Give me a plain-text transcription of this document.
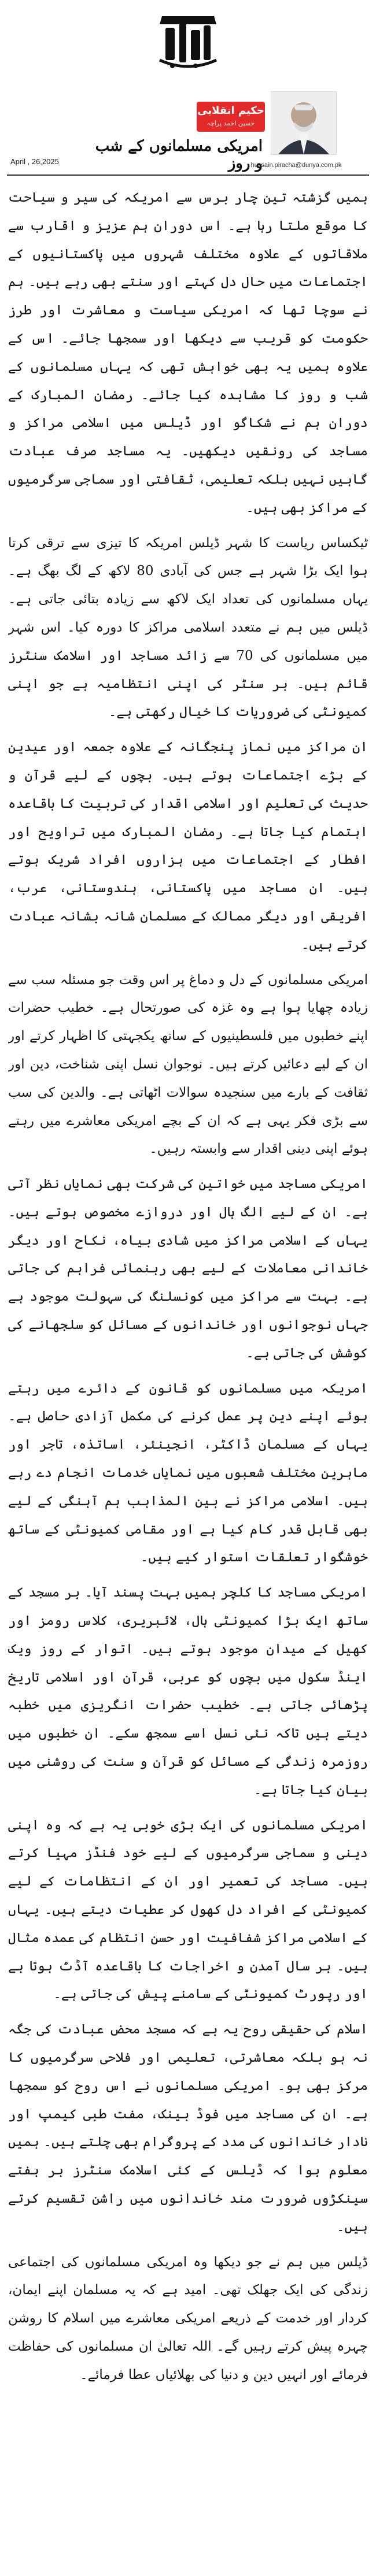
حکیم انقلابی
حسین احمد پراچہ
امریکی مسلمانوں کے شب و روز
hussain.piracha@dunya.com.pk
April , 26,2025

ہمیں گزشتہ تین چار برس سے امریکہ کی سیر و سیاحت کا موقع ملتا رہا ہے۔ اس دوران ہم عزیز و اقارب سے ملاقاتوں کے علاوہ مختلف شہروں میں پاکستانیوں کے اجتماعات میں حال دل کہتے اور سنتے بھی رہے ہیں۔ ہم نے سوچا تھا کہ امریکی سیاست و معاشرت اور طرز حکومت کو قریب سے دیکھا اور سمجھا جائے۔ اس کے علاوہ ہمیں یہ بھی خواہش تھی کہ یہاں مسلمانوں کے شب و روز کا مشاہدہ کیا جائے۔ رمضان المبارک کے دوران ہم نے شکاگو اور ڈیلس میں اسلامی مراکز و مساجد کی رونقیں دیکھیں۔ یہ مساجد صرف عبادت گاہیں نہیں بلکہ تعلیمی، ثقافتی اور سماجی سرگرمیوں کے مراکز بھی ہیں۔

ٹیکساس ریاست کا شہر ڈیلس امریکہ کا تیزی سے ترقی کرتا ہوا ایک بڑا شہر ہے جس کی آبادی 80 لاکھ کے لگ بھگ ہے۔ یہاں مسلمانوں کی تعداد ایک لاکھ سے زیادہ بتائی جاتی ہے۔ ڈیلس میں ہم نے متعدد اسلامی مراکز کا دورہ کیا۔ اس شہر میں مسلمانوں کی 70 سے زائد مساجد اور اسلامک سنٹرز قائم ہیں۔ ہر سنٹر کی اپنی انتظامیہ ہے جو اپنی کمیونٹی کی ضروریات کا خیال رکھتی ہے۔

ان مراکز میں نماز پنجگانہ کے علاوہ جمعہ اور عیدین کے بڑے اجتماعات ہوتے ہیں۔ بچوں کے لیے قرآن و حدیث کی تعلیم اور اسلامی اقدار کی تربیت کا باقاعدہ اہتمام کیا جاتا ہے۔ رمضان المبارک میں تراویح اور افطار کے اجتماعات میں ہزاروں افراد شریک ہوتے ہیں۔ ان مساجد میں پاکستانی، ہندوستانی، عرب، افریقی اور دیگر ممالک کے مسلمان شانہ بشانہ عبادت کرتے ہیں۔

امریکی مسلمانوں کے دل و دماغ پر اس وقت جو مسئلہ سب سے زیادہ چھایا ہوا ہے وہ غزہ کی صورتحال ہے۔ خطیب حضرات اپنے خطبوں میں فلسطینیوں کے ساتھ یکجہتی کا اظہار کرتے اور ان کے لیے دعائیں کرتے ہیں۔ نوجوان نسل اپنی شناخت، دین اور ثقافت کے بارے میں سنجیدہ سوالات اٹھاتی ہے۔ والدین کی سب سے بڑی فکر یہی ہے کہ ان کے بچے امریکی معاشرے میں رہتے ہوئے اپنی دینی اقدار سے وابستہ رہیں۔

امریکی مساجد میں خواتین کی شرکت بھی نمایاں نظر آتی ہے۔ ان کے لیے الگ ہال اور دروازے مخصوص ہوتے ہیں۔ یہاں کے اسلامی مراکز میں شادی بیاہ، نکاح اور دیگر خاندانی معاملات کے لیے بھی رہنمائی فراہم کی جاتی ہے۔ بہت سے مراکز میں کونسلنگ کی سہولت موجود ہے جہاں نوجوانوں اور خاندانوں کے مسائل کو سلجھانے کی کوشش کی جاتی ہے۔

امریکہ میں مسلمانوں کو قانون کے دائرے میں رہتے ہوئے اپنے دین پر عمل کرنے کی مکمل آزادی حاصل ہے۔ یہاں کے مسلمان ڈاکٹر، انجینئر، اساتذہ، تاجر اور ماہرین مختلف شعبوں میں نمایاں خدمات انجام دے رہے ہیں۔ اسلامی مراکز نے بین المذاہب ہم آہنگی کے لیے بھی قابل قدر کام کیا ہے اور مقامی کمیونٹی کے ساتھ خوشگوار تعلقات استوار کیے ہیں۔

امریکی مساجد کا کلچر ہمیں بہت پسند آیا۔ ہر مسجد کے ساتھ ایک بڑا کمیونٹی ہال، لائبریری، کلاس رومز اور کھیل کے میدان موجود ہوتے ہیں۔ اتوار کے روز ویک اینڈ سکول میں بچوں کو عربی، قرآن اور اسلامی تاریخ پڑھائی جاتی ہے۔ خطیب حضرات انگریزی میں خطبہ دیتے ہیں تاکہ نئی نسل اسے سمجھ سکے۔ ان خطبوں میں روزمرہ زندگی کے مسائل کو قرآن و سنت کی روشنی میں بیان کیا جاتا ہے۔

امریکی مسلمانوں کی ایک بڑی خوبی یہ ہے کہ وہ اپنی دینی و سماجی سرگرمیوں کے لیے خود فنڈز مہیا کرتے ہیں۔ مساجد کی تعمیر اور ان کے انتظامات کے لیے کمیونٹی کے افراد دل کھول کر عطیات دیتے ہیں۔ یہاں کے اسلامی مراکز شفافیت اور حسن انتظام کی عمدہ مثال ہیں۔ ہر سال آمدن و اخراجات کا باقاعدہ آڈٹ ہوتا ہے اور رپورٹ کمیونٹی کے سامنے پیش کی جاتی ہے۔

اسلام کی حقیقی روح یہ ہے کہ مسجد محض عبادت کی جگہ نہ ہو بلکہ معاشرتی، تعلیمی اور فلاحی سرگرمیوں کا مرکز بھی ہو۔ امریکی مسلمانوں نے اس روح کو سمجھا ہے۔ ان کی مساجد میں فوڈ بینک، مفت طبی کیمپ اور نادار خاندانوں کی مدد کے پروگرام بھی چلتے ہیں۔ ہمیں معلوم ہوا کہ ڈیلس کے کئی اسلامک سنٹرز ہر ہفتے سینکڑوں ضرورت مند خاندانوں میں راشن تقسیم کرتے ہیں۔

ڈیلس میں ہم نے جو دیکھا وہ امریکی مسلمانوں کی اجتماعی زندگی کی ایک جھلک تھی۔ امید ہے کہ یہ مسلمان اپنے ایمان، کردار اور خدمت کے ذریعے امریکی معاشرے میں اسلام کا روشن چہرہ پیش کرتے رہیں گے۔ اللہ تعالیٰ ان مسلمانوں کی حفاظت فرمائے اور انہیں دین و دنیا کی بھلائیاں عطا فرمائے۔
